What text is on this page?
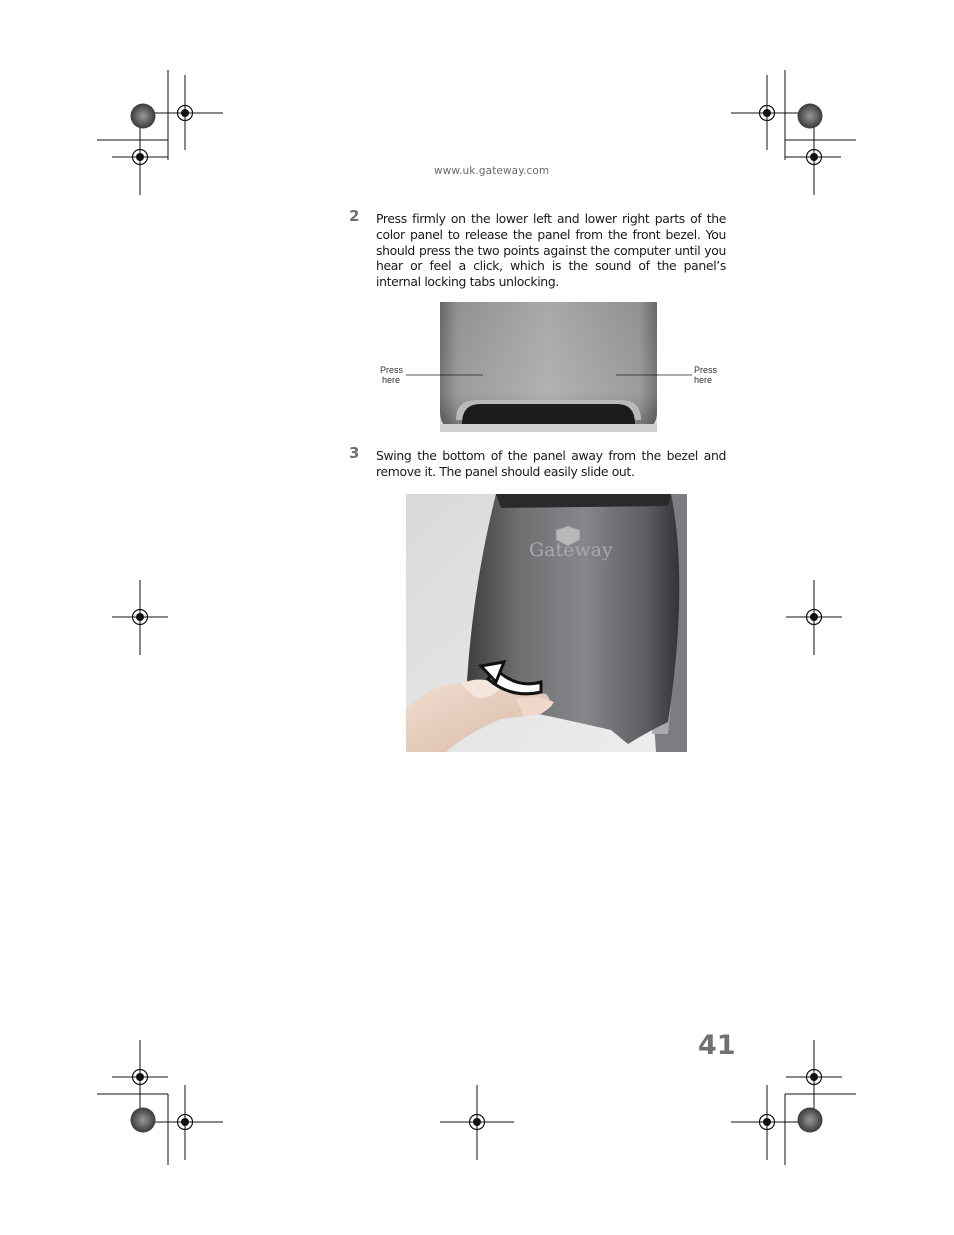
www.uk.gateway.com
2 Press firmly on the lower left and lower right parts of the color panel to release the panel from the front bezel. You should press the two points against the computer until you hear or feel a click, which is the sound of the panel’s internal locking tabs unlocking.
Press
here
Press
here
3 Swing the bottom of the panel away from the bezel and remove it. The panel should easily slide out.
Gateway
41
